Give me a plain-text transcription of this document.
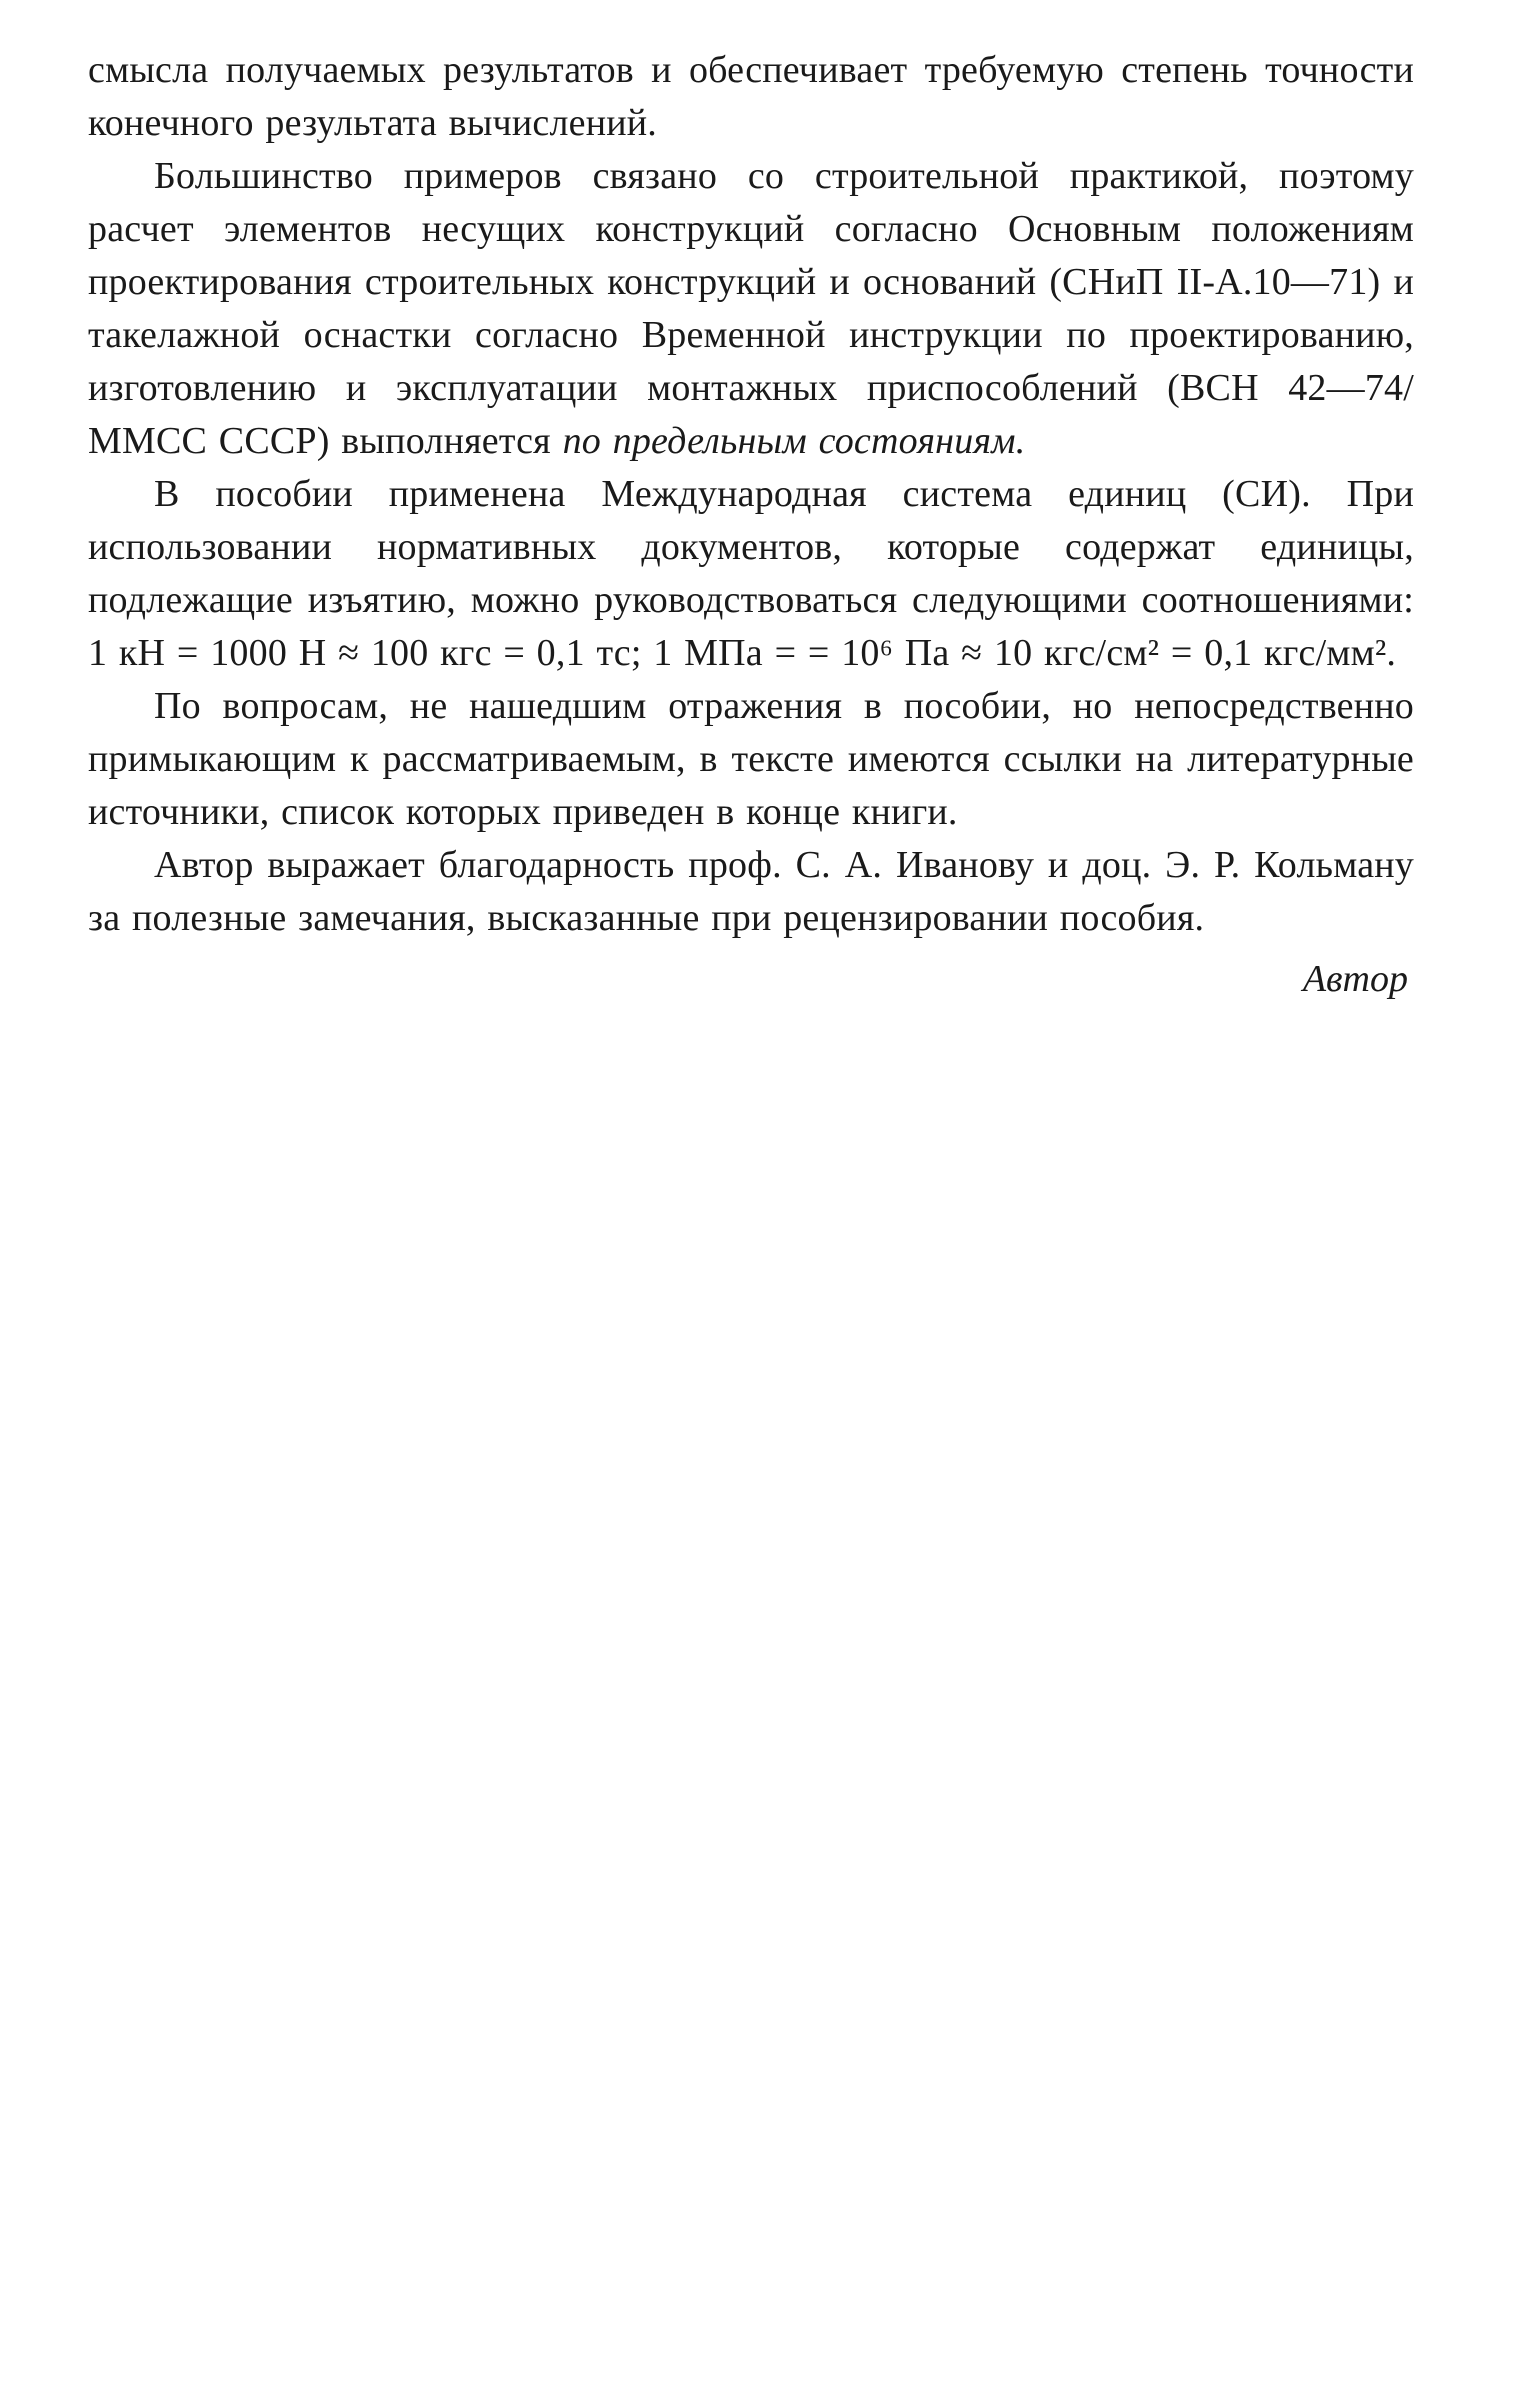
смысла получаемых результатов и обеспечивает требуемую степень точности конечного результата вычислений.

Большинство примеров связано со строительной практикой, поэтому расчет элементов несущих конструкций согласно Основным положениям проектирования строительных конструкций и оснований (СНиП II-А.10—71) и такелажной оснастки согласно Временной инструкции по проектированию, изготовлению и эксплуатации монтажных приспособлений (ВСН 42—74/ММСС СССР) выполняется по предельным состояниям.

В пособии применена Международная система единиц (СИ). При использовании нормативных документов, которые содержат единицы, подлежащие изъятию, можно руководствоваться следующими соотношениями: 1 кН = 1000 Н ≈ 100 кгс = 0,1 тс; 1 МПа = = 10⁶ Па ≈ 10 кгс/см² = 0,1 кгс/мм².

По вопросам, не нашедшим отражения в пособии, но непосредственно примыкающим к рассматриваемым, в тексте имеются ссылки на литературные источники, список которых приведен в конце книги.

Автор выражает благодарность проф. С. А. Иванову и доц. Э. Р. Кольману за полезные замечания, высказанные при рецензировании пособия.

Автор
